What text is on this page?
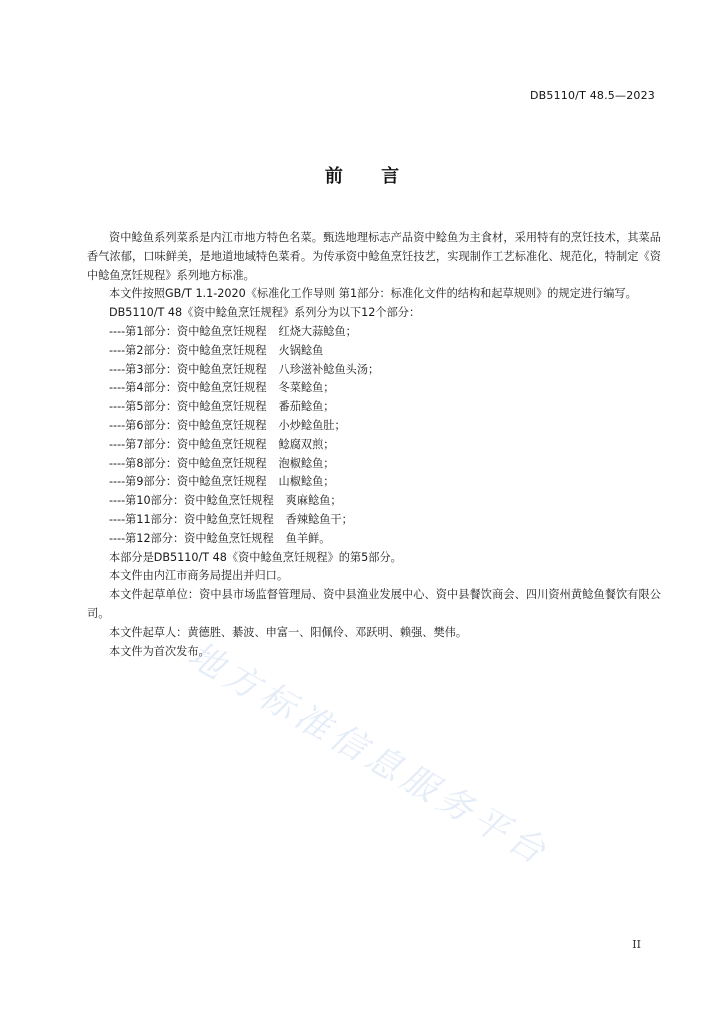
DB5110/T 48.5—2023
前 言

资中鲶鱼系列菜系是内江市地方特色名菜。甄选地理标志产品资中鲶鱼为主食材，采用特有的烹饪技术，其菜品香气浓郁，口味鲜美，是地道地域特色菜肴。为传承资中鲶鱼烹饪技艺，实现制作工艺标准化、规范化，特制定《资中鲶鱼烹饪规程》系列地方标准。

本文件按照GB/T 1.1-2020《标准化工作导则 第1部分：标准化文件的结构和起草规则》的规定进行编写。

DB5110/T 48《资中鲶鱼烹饪规程》系列分为以下12个部分：

----第1部分：资中鲶鱼烹饪规程 红烧大蒜鲶鱼；
----第2部分：资中鲶鱼烹饪规程 火锅鲶鱼
----第3部分：资中鲶鱼烹饪规程 八珍滋补鲶鱼头汤；
----第4部分：资中鲶鱼烹饪规程 冬菜鲶鱼；
----第5部分：资中鲶鱼烹饪规程 番茄鲶鱼；
----第6部分：资中鲶鱼烹饪规程 小炒鲶鱼肚；
----第7部分：资中鲶鱼烹饪规程 鲶腐双煎；
----第8部分：资中鲶鱼烹饪规程 泡椒鲶鱼；
----第9部分：资中鲶鱼烹饪规程 山椒鲶鱼；
----第10部分：资中鲶鱼烹饪规程 爽麻鲶鱼；
----第11部分：资中鲶鱼烹饪规程 香辣鲶鱼干；
----第12部分：资中鲶鱼烹饪规程 鱼羊鲜。

本部分是DB5110/T 48《资中鲶鱼烹饪规程》的第5部分。

本文件由内江市商务局提出并归口。

本文件起草单位：资中县市场监督管理局、资中县渔业发展中心、资中县餐饮商会、四川资州黄鲶鱼餐饮有限公司。

本文件起草人：黄德胜、綦波、申富一、阳佩伶、邓跃明、赖强、樊伟。

本文件为首次发布。

地方标准信息服务平台
II
